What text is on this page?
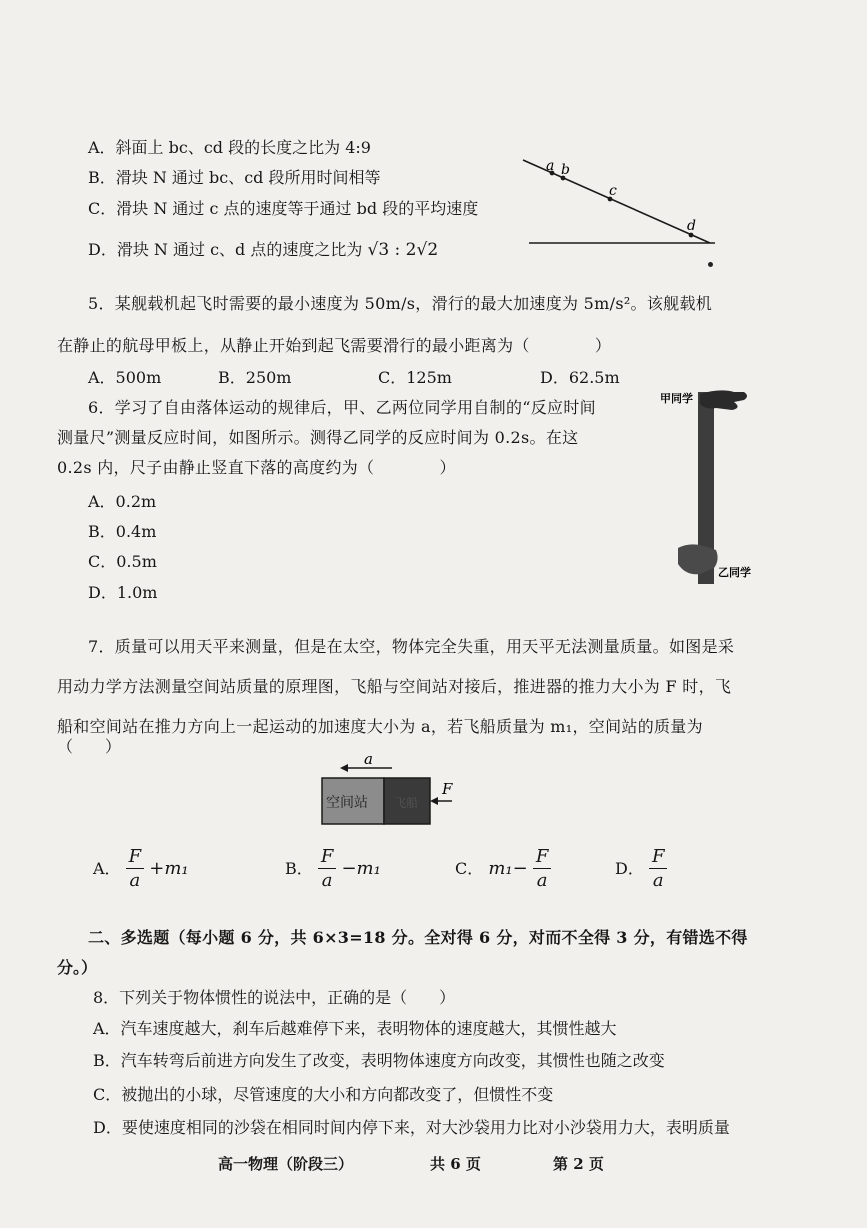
A．斜面上 bc、cd 段的长度之比为 4:9
B．滑块 N 通过 bc、cd 段所用时间相等
C．滑块 N 通过 c 点的速度等于通过 bd 段的平均速度
D．滑块 N 通过 c、d 点的速度之比为 √3 : 2√2
a b
c
d
5．某舰载机起飞时需要的最小速度为 50m/s，滑行的最大加速度为 5m/s²。该舰载机
在静止的航母甲板上，从静止开始到起飞需要滑行的最小距离为（　　　　）
A．500m	B．250m	C．125m	D．62.5m
6．学习了自由落体运动的规律后，甲、乙两位同学用自制的“反应时间
测量尺”测量反应时间，如图所示。测得乙同学的反应时间为 0.2s。在这
0.2s 内，尺子由静止竖直下落的高度约为（　　　　）
A．0.2m
B．0.4m
C．0.5m
D．1.0m
甲同学
乙同学
7．质量可以用天平来测量，但是在太空，物体完全失重，用天平无法测量质量。如图是采
用动力学方法测量空间站质量的原理图，飞船与空间站对接后，推进器的推力大小为 F 时，飞
船和空间站在推力方向上一起运动的加速度大小为 a，若飞船质量为 m₁，空间站的质量为
（　　）
a
空间站 飞船
F
A． $\frac{F}{a} +m_1$	B． $\frac{F}{a} -m_1$	C． $m_1- \frac{F}{a}$	D． $\frac{F}{a}$
二、多选题（每小题 6 分，共 6×3=18 分。全对得 6 分，对而不全得 3 分，有错选不得
分。）
8．下列关于物体惯性的说法中，正确的是（　　）
A．汽车速度越大，刹车后越难停下来，表明物体的速度越大，其惯性越大
B．汽车转弯后前进方向发生了改变，表明物体速度方向改变，其惯性也随之改变
C．被抛出的小球，尽管速度的大小和方向都改变了，但惯性不变
D．要使速度相同的沙袋在相同时间内停下来，对大沙袋用力比对小沙袋用力大，表明质量
高一物理（阶段三）	共 6 页	第 2 页
